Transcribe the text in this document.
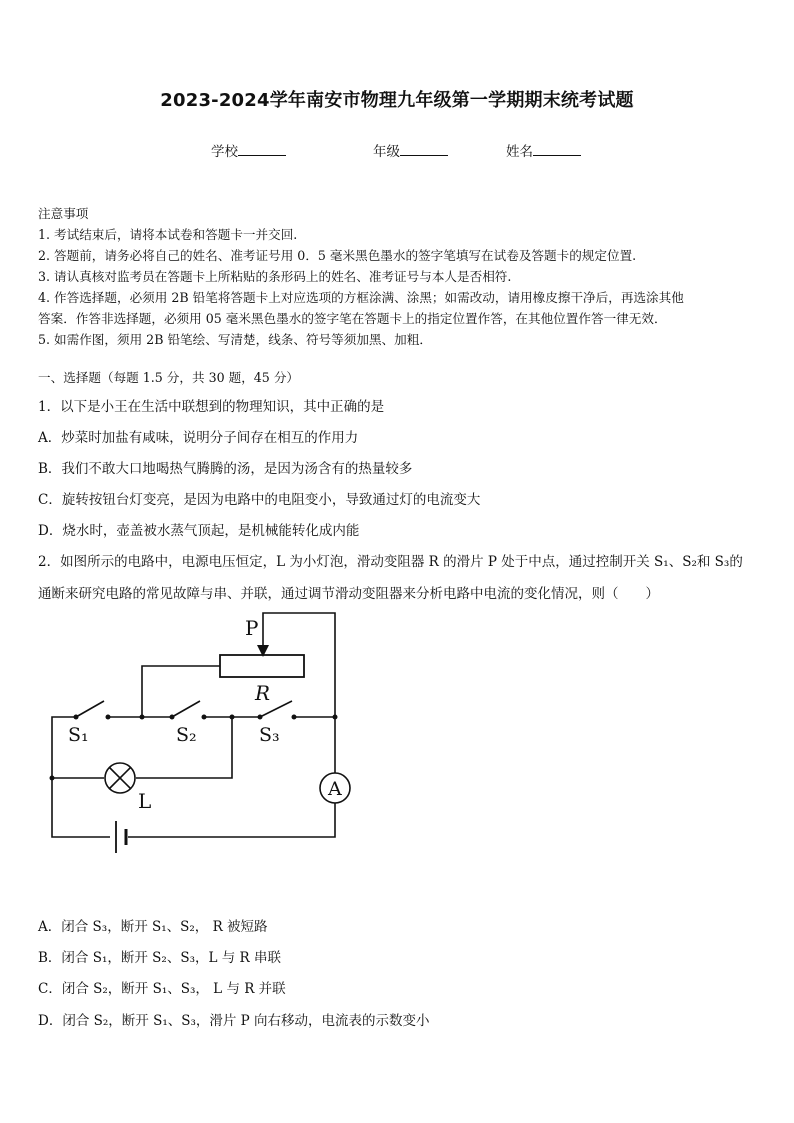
2023-2024学年南安市物理九年级第一学期期末统考试题
学校	年级	姓名
注意事项
1. 考试结束后，请将本试卷和答题卡一并交回.
2. 答题前，请务必将自己的姓名、准考证号用 0．5 毫米黑色墨水的签字笔填写在试卷及答题卡的规定位置.
3. 请认真核对监考员在答题卡上所粘贴的条形码上的姓名、准考证号与本人是否相符.
4. 作答选择题，必须用 2B 铅笔将答题卡上对应选项的方框涂满、涂黑；如需改动，请用橡皮擦干净后，再选涂其他
答案．作答非选择题，必须用 05 毫米黑色墨水的签字笔在答题卡上的指定位置作答，在其他位置作答一律无效．
5. 如需作图，须用 2B 铅笔绘、写清楚，线条、符号等须加黑、加粗．
一、选择题（每题 1.5 分，共 30 题，45 分）
1．以下是小王在生活中联想到的物理知识，其中正确的是
A．炒菜时加盐有咸味，说明分子间存在相互的作用力
B．我们不敢大口地喝热气腾腾的汤，是因为汤含有的热量较多
C．旋转按钮台灯变亮，是因为电路中的电阻变小，导致通过灯的电流变大
D．烧水时，壶盖被水蒸气顶起，是机械能转化成内能
2．如图所示的电路中，电源电压恒定，L 为小灯泡，滑动变阻器 R 的滑片 P 处于中点，通过控制开关 S₁、S₂和 S₃的
通断来研究电路的常见故障与串、并联，通过调节滑动变阻器来分析电路中电流的变化情况，则（　　）
P
R
S₁	S₂	S₃
L	A
A．闭合 S₃，断开 S₁、S₂， R 被短路
B．闭合 S₁，断开 S₂、S₃，L 与 R 串联
C．闭合 S₂，断开 S₁、S₃， L 与 R 并联
D．闭合 S₂，断开 S₁、S₃，滑片 P 向右移动，电流表的示数变小
